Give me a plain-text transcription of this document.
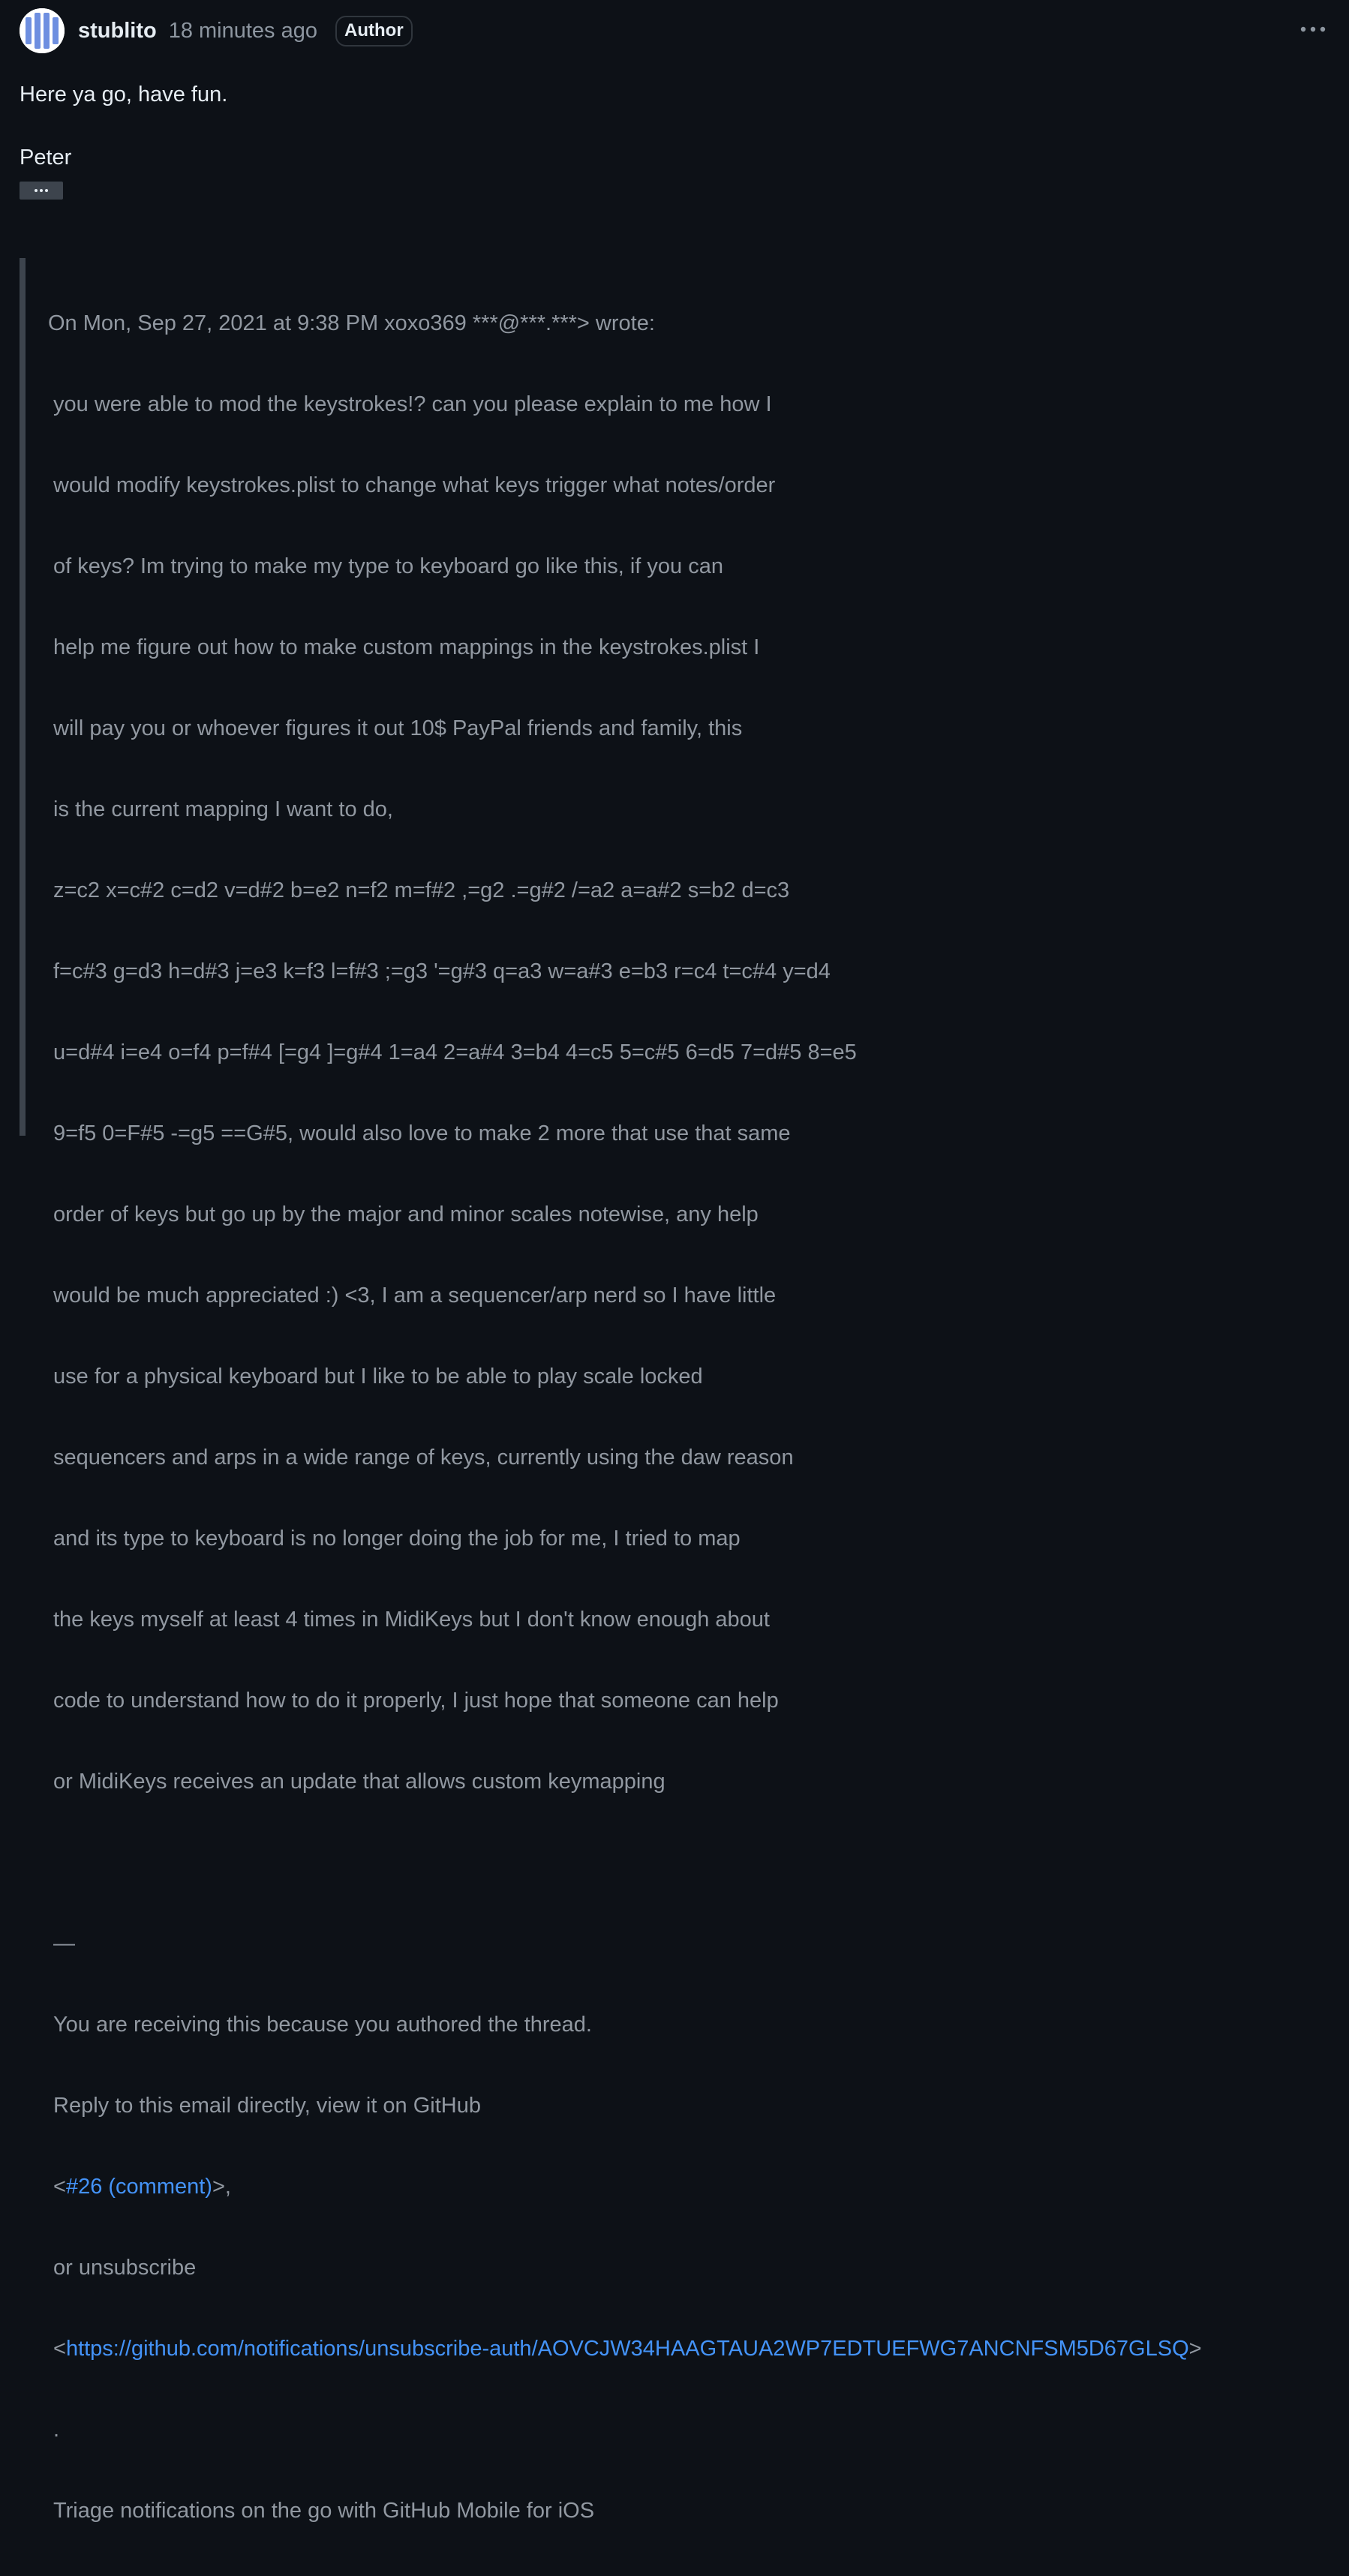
stublito 18 minutes ago	Author

Here ya go, have fun.

Peter

On Mon, Sep 27, 2021 at 9:38 PM xoxo369 ***@***.***> wrote:

you were able to mod the keystrokes!? can you please explain to me how I

would modify keystrokes.plist to change what keys trigger what notes/order

of keys? Im trying to make my type to keyboard go like this, if you can

help me figure out how to make custom mappings in the keystrokes.plist I

will pay you or whoever figures it out 10$ PayPal friends and family, this

is the current mapping I want to do,

z=c2 x=c#2 c=d2 v=d#2 b=e2 n=f2 m=f#2 ,=g2 .=g#2 /=a2 a=a#2 s=b2 d=c3

f=c#3 g=d3 h=d#3 j=e3 k=f3 l=f#3 ;=g3 '=g#3 q=a3 w=a#3 e=b3 r=c4 t=c#4 y=d4

u=d#4 i=e4 o=f4 p=f#4 [=g4 ]=g#4 1=a4 2=a#4 3=b4 4=c5 5=c#5 6=d5 7=d#5 8=e5

9=f5 0=F#5 -=g5 ==G#5, would also love to make 2 more that use that same

order of keys but go up by the major and minor scales notewise, any help

would be much appreciated :) <3, I am a sequencer/arp nerd so I have little

use for a physical keyboard but I like to be able to play scale locked

sequencers and arps in a wide range of keys, currently using the daw reason

and its type to keyboard is no longer doing the job for me, I tried to map

the keys myself at least 4 times in MidiKeys but I don't know enough about

code to understand how to do it properly, I just hope that someone can help

or MidiKeys receives an update that allows custom keymapping

—

You are receiving this because you authored the thread.

Reply to this email directly, view it on GitHub

<#26 (comment)>,

or unsubscribe

<https://github.com/notifications/unsubscribe-auth/AOVCJW34HAAGTAUA2WP7EDTUEFWG7ANCNFSM5D67GLSQ>

.

Triage notifications on the go with GitHub Mobile for iOS
